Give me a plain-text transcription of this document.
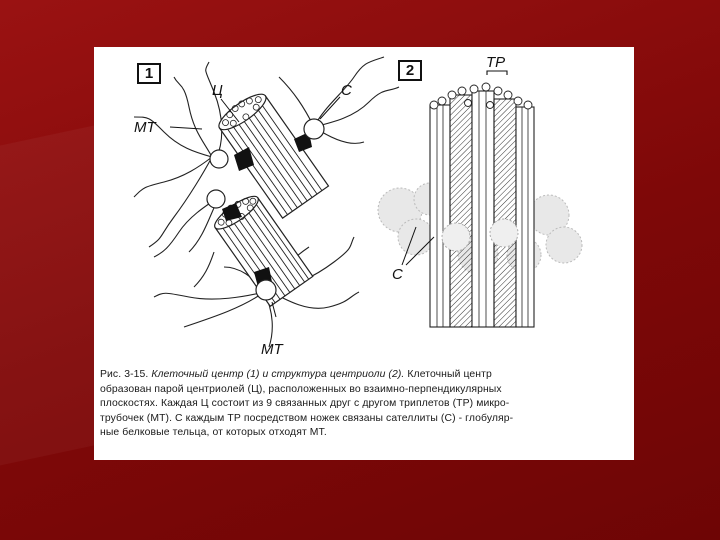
1	2
Ц	С
МТ
МТ
ТР
С
Рис. 3-15. Клеточный центр (1) и структура центриоли (2). Клеточный центр
образован парой центриолей (Ц), расположенных во взаимно-перпендикулярных
плоскостях. Каждая Ц состоит из 9 связанных друг с другом триплетов (ТР) микро-
трубочек (МТ). С каждым ТР посредством ножек связаны сателлиты (С) - глобуляр-
ные белковые тельца, от которых отходят МТ.
